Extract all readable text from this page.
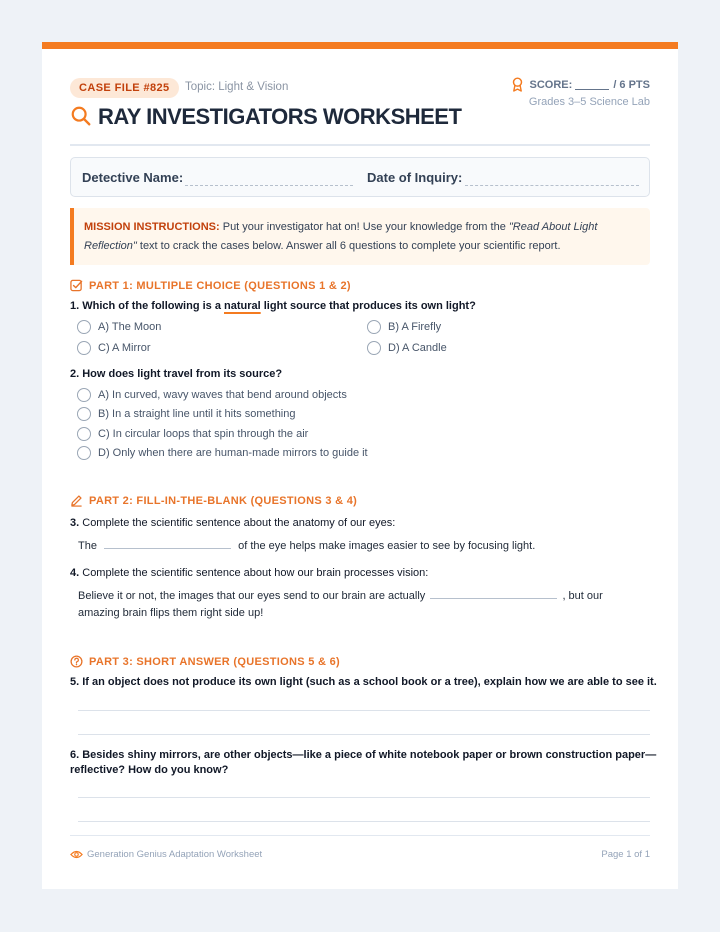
CASE FILE #825	Topic: Light & Vision
RAY INVESTIGATORS WORKSHEET
SCORE:	/ 6 PTS
Grades 3–5 Science Lab
Detective Name:	Date of Inquiry:
MISSION INSTRUCTIONS: Put your investigator hat on! Use your knowledge from the "Read About Light Reflection" text to crack the cases below. Answer all 6 questions to complete your scientific report.
PART 1: MULTIPLE CHOICE (QUESTIONS 1 & 2)
1. Which of the following is a natural light source that produces its own light?
A) The Moon	B) A Firefly
C) A Mirror	D) A Candle
2. How does light travel from its source?
A) In curved, wavy waves that bend around objects
B) In a straight line until it hits something
C) In circular loops that spin through the air
D) Only when there are human-made mirrors to guide it
PART 2: FILL-IN-THE-BLANK (QUESTIONS 3 & 4)
3. Complete the scientific sentence about the anatomy of our eyes:
The	of the eye helps make images easier to see by focusing light.
4. Complete the scientific sentence about how our brain processes vision:
Believe it or not, the images that our eyes send to our brain are actually	, but our
amazing brain flips them right side up!
PART 3: SHORT ANSWER (QUESTIONS 5 & 6)
5. If an object does not produce its own light (such as a school book or a tree), explain how we are able to see it.
6. Besides shiny mirrors, are other objects—like a piece of white notebook paper or brown construction paper—
reflective? How do you know?
Generation Genius Adaptation Worksheet	Page 1 of 1
